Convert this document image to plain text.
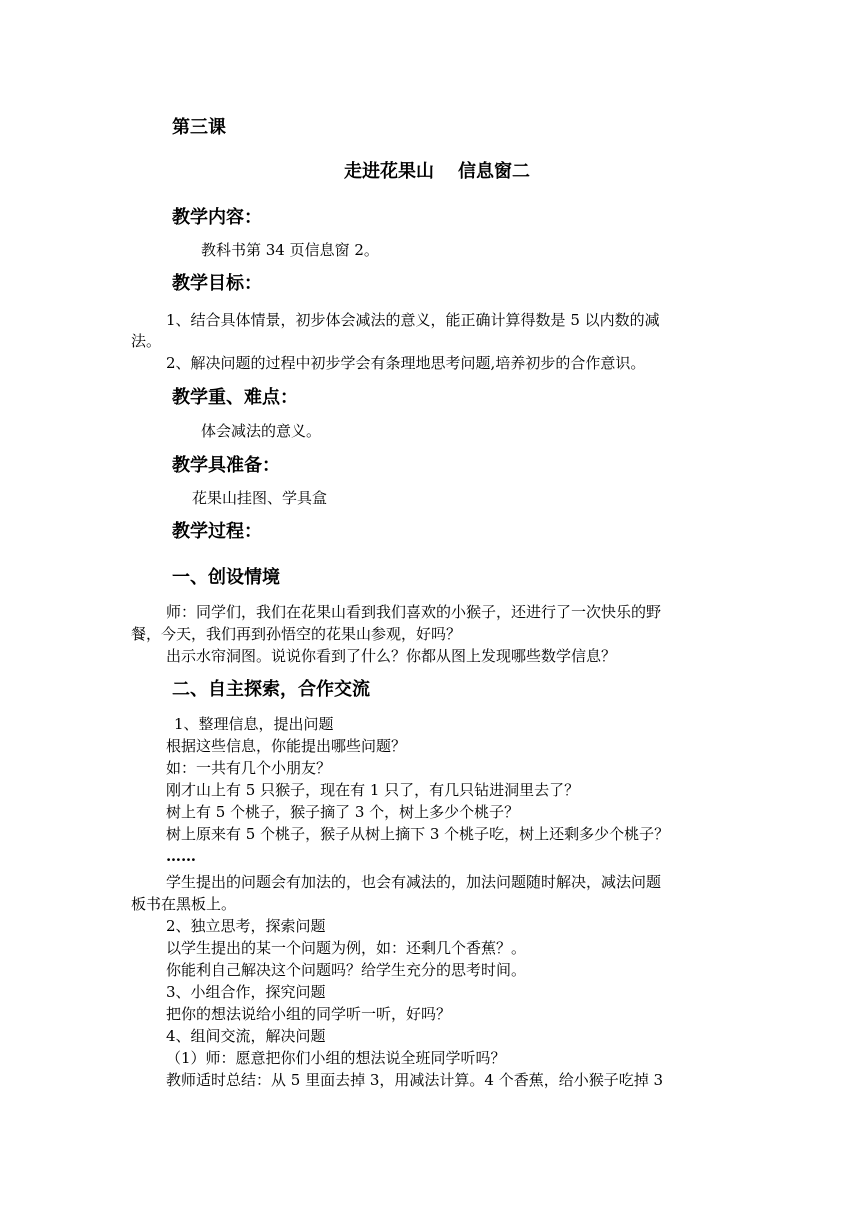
第三课
走进花果山 信息窗二
教学内容：
教科书第 34 页信息窗 2。
教学目标：
1、结合具体情景，初步体会减法的意义，能正确计算得数是 5 以内数的减
法。
2、解决问题的过程中初步学会有条理地思考问题,培养初步的合作意识。
教学重、难点：
体会减法的意义。
教学具准备：
花果山挂图、学具盒
教学过程：
一、创设情境
师：同学们，我们在花果山看到我们喜欢的小猴子，还进行了一次快乐的野
餐，今天，我们再到孙悟空的花果山参观，好吗？
出示水帘洞图。说说你看到了什么？你都从图上发现哪些数学信息？
二、自主探索，合作交流
1、整理信息，提出问题
根据这些信息，你能提出哪些问题？
如：一共有几个小朋友？
刚才山上有 5 只猴子，现在有 1 只了，有几只钻进洞里去了？
树上有 5 个桃子，猴子摘了 3 个，树上多少个桃子？
树上原来有 5 个桃子，猴子从树上摘下 3 个桃子吃，树上还剩多少个桃子？
……
学生提出的问题会有加法的，也会有减法的，加法问题随时解决，减法问题
板书在黑板上。
2、独立思考，探索问题
以学生提出的某一个问题为例，如：还剩几个香蕉？。
你能利自己解决这个问题吗？给学生充分的思考时间。
3、小组合作，探究问题
把你的想法说给小组的同学听一听，好吗？
4、组间交流，解决问题
（1）师：愿意把你们小组的想法说全班同学听吗？
教师适时总结：从 5 里面去掉 3，用减法计算。4 个香蕉，给小猴子吃掉 3
